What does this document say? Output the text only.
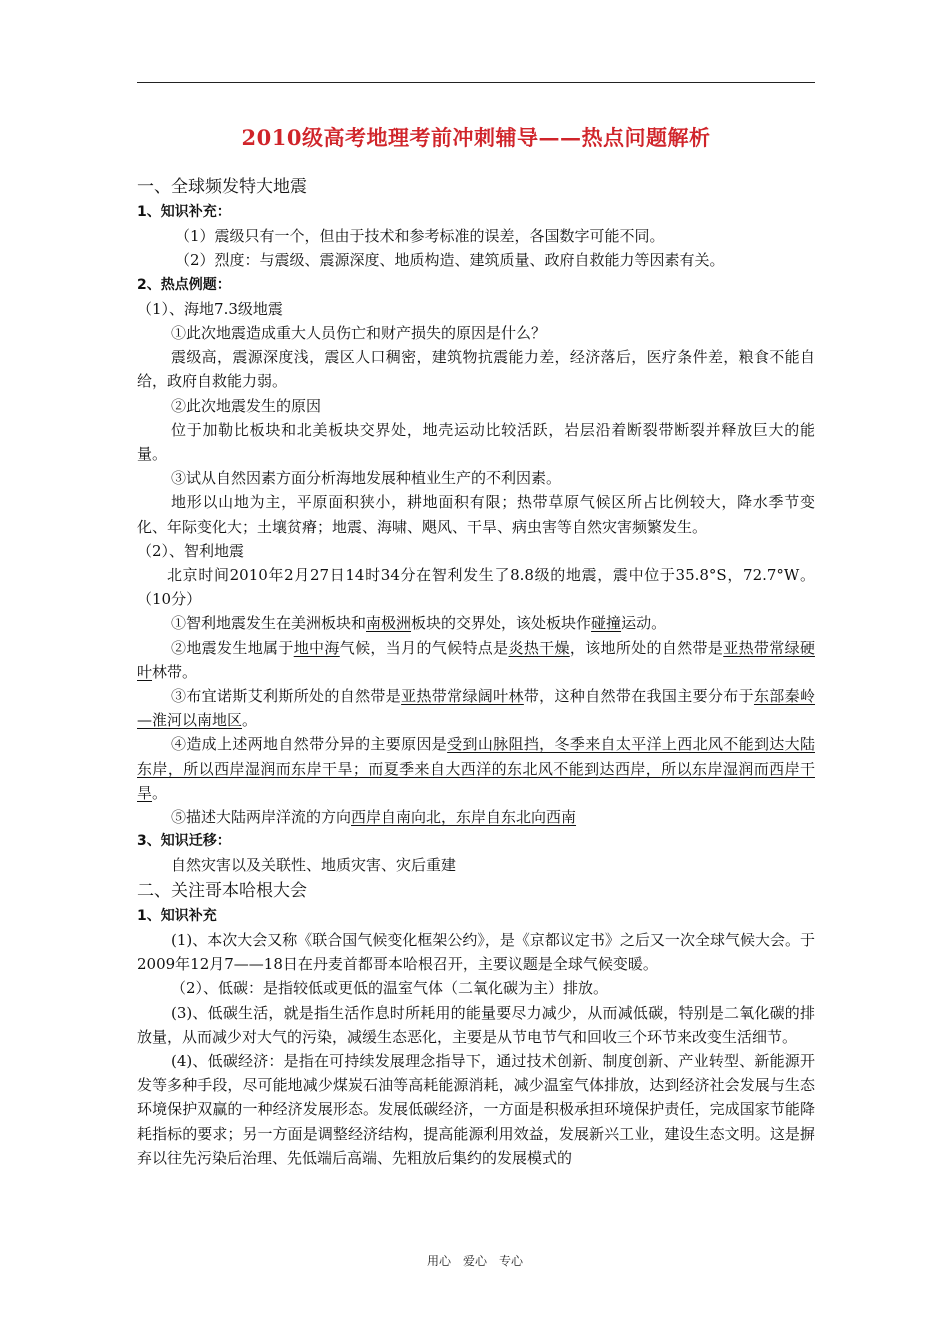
2010级高考地理考前冲刺辅导——热点问题解析

一、全球频发特大地震

1、知识补充：

（1）震级只有一个，但由于技术和参考标准的误差，各国数字可能不同。

（2）烈度：与震级、震源深度、地质构造、建筑质量、政府自救能力等因素有关。

2、热点例题：

（1）、海地7.3级地震

①此次地震造成重大人员伤亡和财产损失的原因是什么？

震级高，震源深度浅，震区人口稠密，建筑物抗震能力差，经济落后，医疗条件差，粮食不能自给，政府自救能力弱。

②此次地震发生的原因

位于加勒比板块和北美板块交界处，地壳运动比较活跃，岩层沿着断裂带断裂并释放巨大的能量。

③试从自然因素方面分析海地发展种植业生产的不利因素。

地形以山地为主，平原面积狭小，耕地面积有限；热带草原气候区所占比例较大，降水季节变化、年际变化大；土壤贫瘠；地震、海啸、飓风、干旱、病虫害等自然灾害频繁发生。

（2）、智利地震

北京时间2010年2月27日14时34分在智利发生了8.8级的地震，震中位于35.8°S，72.7°W。（10分）

①智利地震发生在美洲板块和南极洲板块的交界处，该处板块作碰撞运动。

②地震发生地属于地中海气候，当月的气候特点是炎热干燥，该地所处的自然带是亚热带常绿硬叶林带。

③布宜诺斯艾利斯所处的自然带是亚热带常绿阔叶林带，这种自然带在我国主要分布于东部秦岭—淮河以南地区。

④造成上述两地自然带分异的主要原因是受到山脉阻挡，冬季来自太平洋上西北风不能到达大陆东岸，所以西岸湿润而东岸干旱；而夏季来自大西洋的东北风不能到达西岸，所以东岸湿润而西岸干旱。

⑤描述大陆两岸洋流的方向西岸自南向北，东岸自东北向西南

3、知识迁移：

自然灾害以及关联性、地质灾害、灾后重建

二、关注哥本哈根大会

1、知识补充

(1)、本次大会又称《联合国气候变化框架公约》，是《京都议定书》之后又一次全球气候大会。于2009年12月7——18日在丹麦首都哥本哈根召开，主要议题是全球气候变暖。

（2）、低碳：是指较低或更低的温室气体（二氧化碳为主）排放。

(3)、低碳生活，就是指生活作息时所耗用的能量要尽力减少，从而减低碳，特别是二氧化碳的排放量，从而减少对大气的污染，减缓生态恶化，主要是从节电节气和回收三个环节来改变生活细节。

(4)、低碳经济：是指在可持续发展理念指导下，通过技术创新、制度创新、产业转型、新能源开发等多种手段，尽可能地减少煤炭石油等高耗能源消耗，减少温室气体排放，达到经济社会发展与生态环境保护双赢的一种经济发展形态。发展低碳经济，一方面是积极承担环境保护责任，完成国家节能降耗指标的要求；另一方面是调整经济结构，提高能源利用效益，发展新兴工业，建设生态文明。这是摒弃以往先污染后治理、先低端后高端、先粗放后集约的发展模式的

用心 爱心 专心
